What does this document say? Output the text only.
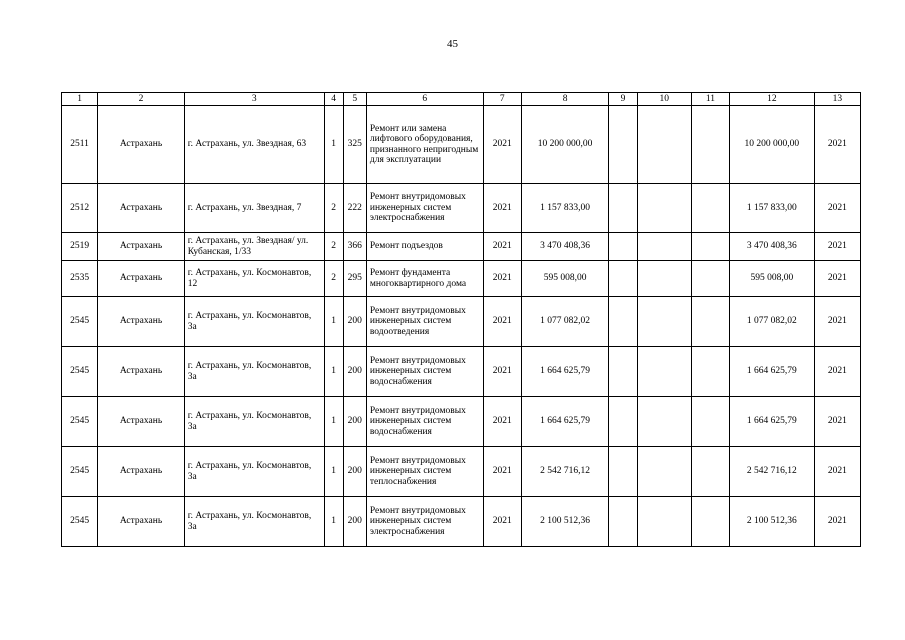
45
1	2	3	4	5	6	7	8	9	10	11	12	13
2511	Астрахань	г. Астрахань, ул. Звездная, 63	1	325	Ремонт или замена лифтового оборудования, признанного непригодным для эксплуатации	2021	10 200 000,00				10 200 000,00	2021
2512	Астрахань	г. Астрахань, ул. Звездная, 7	2	222	Ремонт внутридомовых инженерных систем электроснабжения	2021	1 157 833,00				1 157 833,00	2021
2519	Астрахань	г. Астрахань, ул. Звездная/ ул. Кубанская, 1/33	2	366	Ремонт подъездов	2021	3 470 408,36				3 470 408,36	2021
2535	Астрахань	г. Астрахань, ул. Космонавтов, 12	2	295	Ремонт фундамента многоквартирного дома	2021	595 008,00				595 008,00	2021
2545	Астрахань	г. Астрахань, ул. Космонавтов, 3а	1	200	Ремонт внутридомовых инженерных систем водоотведения	2021	1 077 082,02				1 077 082,02	2021
2545	Астрахань	г. Астрахань, ул. Космонавтов, 3а	1	200	Ремонт внутридомовых инженерных систем водоснабжения	2021	1 664 625,79				1 664 625,79	2021
2545	Астрахань	г. Астрахань, ул. Космонавтов, 3а	1	200	Ремонт внутридомовых инженерных систем водоснабжения	2021	1 664 625,79				1 664 625,79	2021
2545	Астрахань	г. Астрахань, ул. Космонавтов, 3а	1	200	Ремонт внутридомовых инженерных систем теплоснабжения	2021	2 542 716,12				2 542 716,12	2021
2545	Астрахань	г. Астрахань, ул. Космонавтов, 3а	1	200	Ремонт внутридомовых инженерных систем электроснабжения	2021	2 100 512,36				2 100 512,36	2021
